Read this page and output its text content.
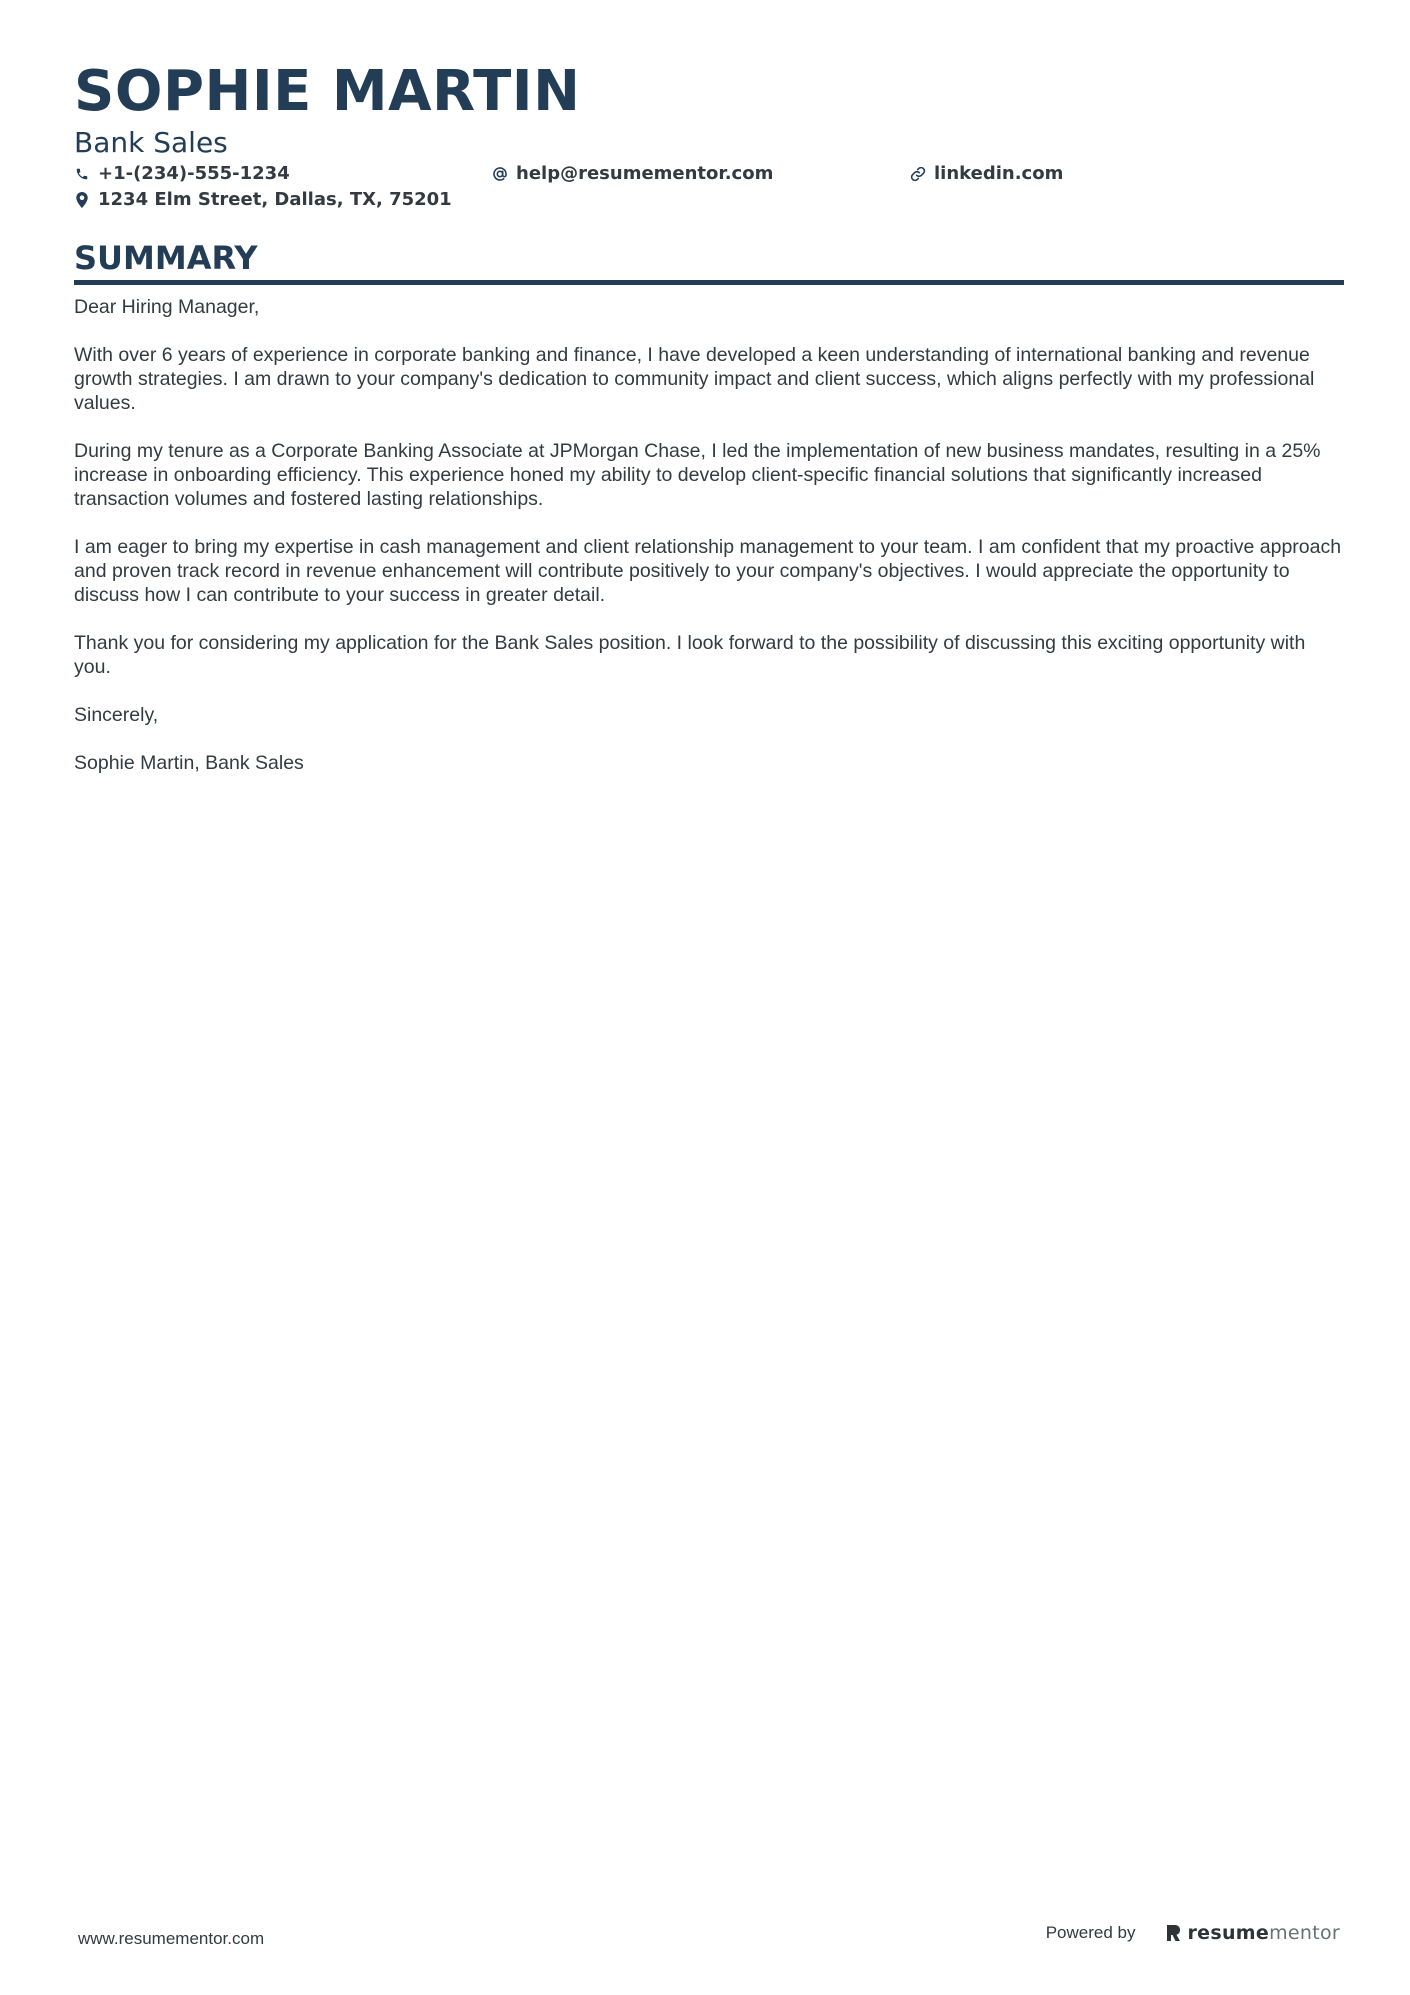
SOPHIE MARTIN
Bank Sales
+1-(234)-555-1234	help@resumementor.com	linkedin.com
1234 Elm Street, Dallas, TX, 75201
SUMMARY

Dear Hiring Manager,

With over 6 years of experience in corporate banking and finance, I have developed a keen understanding of international banking and revenue growth strategies. I am drawn to your company's dedication to community impact and client success, which aligns perfectly with my professional values.

During my tenure as a Corporate Banking Associate at JPMorgan Chase, I led the implementation of new business mandates, resulting in a 25% increase in onboarding efficiency. This experience honed my ability to develop client-specific financial solutions that significantly increased transaction volumes and fostered lasting relationships.

I am eager to bring my expertise in cash management and client relationship management to your team. I am confident that my proactive approach and proven track record in revenue enhancement will contribute positively to your company's objectives. I would appreciate the opportunity to discuss how I can contribute to your success in greater detail.

Thank you for considering my application for the Bank Sales position. I look forward to the possibility of discussing this exciting opportunity with you.

Sincerely,

Sophie Martin, Bank Sales

www.resumementor.com	Powered by	resume mentor
